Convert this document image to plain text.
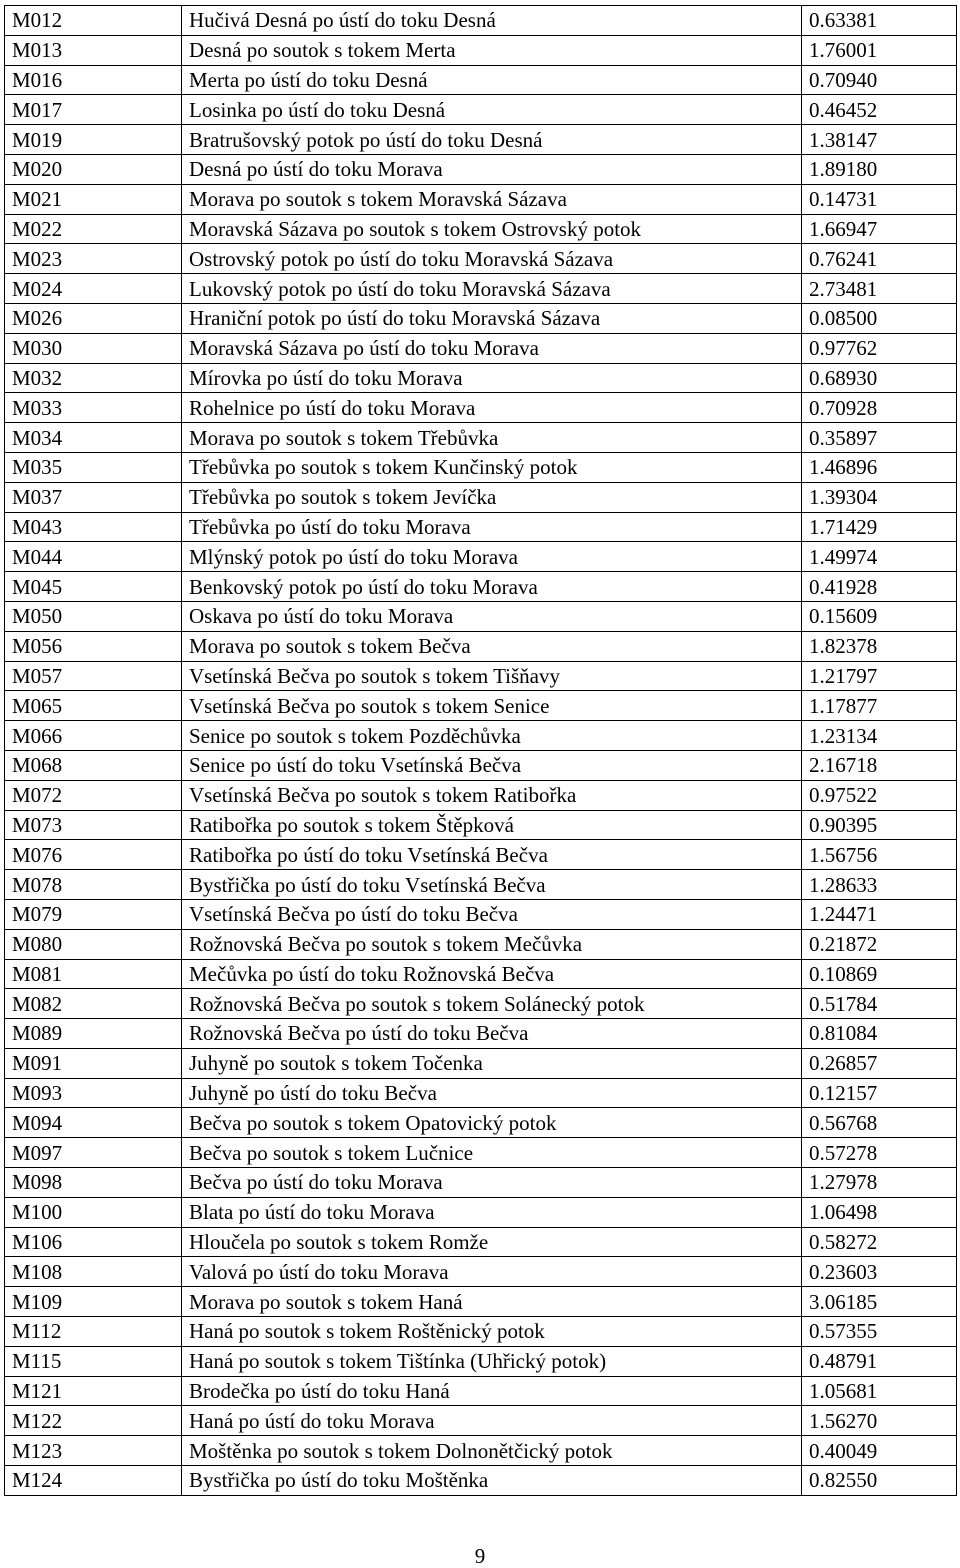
M012	Hučivá Desná po ústí do toku Desná	0.63381
M013	Desná po soutok s tokem Merta	1.76001
M016	Merta po ústí do toku Desná	0.70940
M017	Losinka po ústí do toku Desná	0.46452
M019	Bratrušovský potok po ústí do toku Desná	1.38147
M020	Desná po ústí do toku Morava	1.89180
M021	Morava po soutok s tokem Moravská Sázava	0.14731
M022	Moravská Sázava po soutok s tokem Ostrovský potok	1.66947
M023	Ostrovský potok po ústí do toku Moravská Sázava	0.76241
M024	Lukovský potok po ústí do toku Moravská Sázava	2.73481
M026	Hraniční potok po ústí do toku Moravská Sázava	0.08500
M030	Moravská Sázava po ústí do toku Morava	0.97762
M032	Mírovka po ústí do toku Morava	0.68930
M033	Rohelnice po ústí do toku Morava	0.70928
M034	Morava po soutok s tokem Třebůvka	0.35897
M035	Třebůvka po soutok s tokem Kunčinský potok	1.46896
M037	Třebůvka po soutok s tokem Jevíčka	1.39304
M043	Třebůvka po ústí do toku Morava	1.71429
M044	Mlýnský potok po ústí do toku Morava	1.49974
M045	Benkovský potok po ústí do toku Morava	0.41928
M050	Oskava po ústí do toku Morava	0.15609
M056	Morava po soutok s tokem Bečva	1.82378
M057	Vsetínská Bečva po soutok s tokem Tišňavy	1.21797
M065	Vsetínská Bečva po soutok s tokem Senice	1.17877
M066	Senice po soutok s tokem Pozděchůvka	1.23134
M068	Senice po ústí do toku Vsetínská Bečva	2.16718
M072	Vsetínská Bečva po soutok s tokem Ratibořka	0.97522
M073	Ratibořka po soutok s tokem Štěpková	0.90395
M076	Ratibořka po ústí do toku Vsetínská Bečva	1.56756
M078	Bystřička po ústí do toku Vsetínská Bečva	1.28633
M079	Vsetínská Bečva po ústí do toku Bečva	1.24471
M080	Rožnovská Bečva po soutok s tokem Mečůvka	0.21872
M081	Mečůvka po ústí do toku Rožnovská Bečva	0.10869
M082	Rožnovská Bečva po soutok s tokem Solánecký potok	0.51784
M089	Rožnovská Bečva po ústí do toku Bečva	0.81084
M091	Juhyně po soutok s tokem Točenka	0.26857
M093	Juhyně po ústí do toku Bečva	0.12157
M094	Bečva po soutok s tokem Opatovický potok	0.56768
M097	Bečva po soutok s tokem Lučnice	0.57278
M098	Bečva po ústí do toku Morava	1.27978
M100	Blata po ústí do toku Morava	1.06498
M106	Hloučela po soutok s tokem Romže	0.58272
M108	Valová po ústí do toku Morava	0.23603
M109	Morava po soutok s tokem Haná	3.06185
M112	Haná po soutok s tokem Roštěnický potok	0.57355
M115	Haná po soutok s tokem Tištínka (Uhřický potok)	0.48791
M121	Brodečka po ústí do toku Haná	1.05681
M122	Haná po ústí do toku Morava	1.56270
M123	Moštěnka po soutok s tokem Dolnonětčický potok	0.40049
M124	Bystřička po ústí do toku Moštěnka	0.82550
9
